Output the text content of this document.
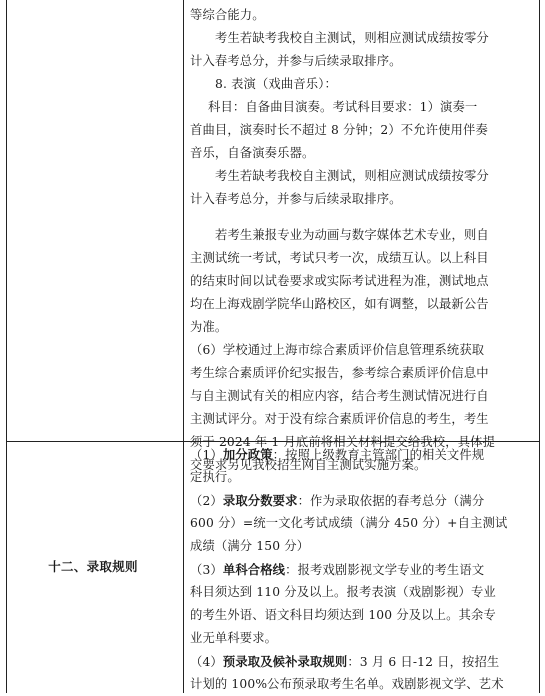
等综合能力。
考生若缺考我校自主测试，则相应测试成绩按零分
计入春考总分，并参与后续录取排序。
8. 表演（戏曲音乐）：
科目：自备曲目演奏。考试科目要求：1）演奏一
首曲目，演奏时长不超过 8 分钟；2）不允许使用伴奏
音乐，自备演奏乐器。
考生若缺考我校自主测试，则相应测试成绩按零分
计入春考总分，并参与后续录取排序。
若考生兼报专业为动画与数字媒体艺术专业，则自
主测试统一考试，考试只考一次，成绩互认。以上科目
的结束时间以试卷要求或实际考试进程为准，测试地点
均在上海戏剧学院华山路校区，如有调整，以最新公告
为准。
（6）学校通过上海市综合素质评价信息管理系统获取
考生综合素质评价纪实报告，参考综合素质评价信息中
与自主测试有关的相应内容，结合考生测试情况进行自
主测试评分。对于没有综合素质评价信息的考生，考生
须于 2024 年 1 月底前将相关材料提交给我校，具体提
交要求另见我校招生网自主测试实施方案。
十二、录取规则
（1）加分政策：按照上级教育主管部门的相关文件规
定执行。
（2）录取分数要求：作为录取依据的春考总分（满分
600 分）=统一文化考试成绩（满分 450 分）+自主测试
成绩（满分 150 分）
（3）单科合格线：报考戏剧影视文学专业的考生语文
科目须达到 110 分及以上。报考表演（戏剧影视）专业
的考生外语、语文科目均须达到 100 分及以上。其余专
业无单科要求。
（4）预录取及候补录取规则：3 月 6 日-12 日，按招生
计划的 100%公布预录取考生名单。戏剧影视文学、艺术
